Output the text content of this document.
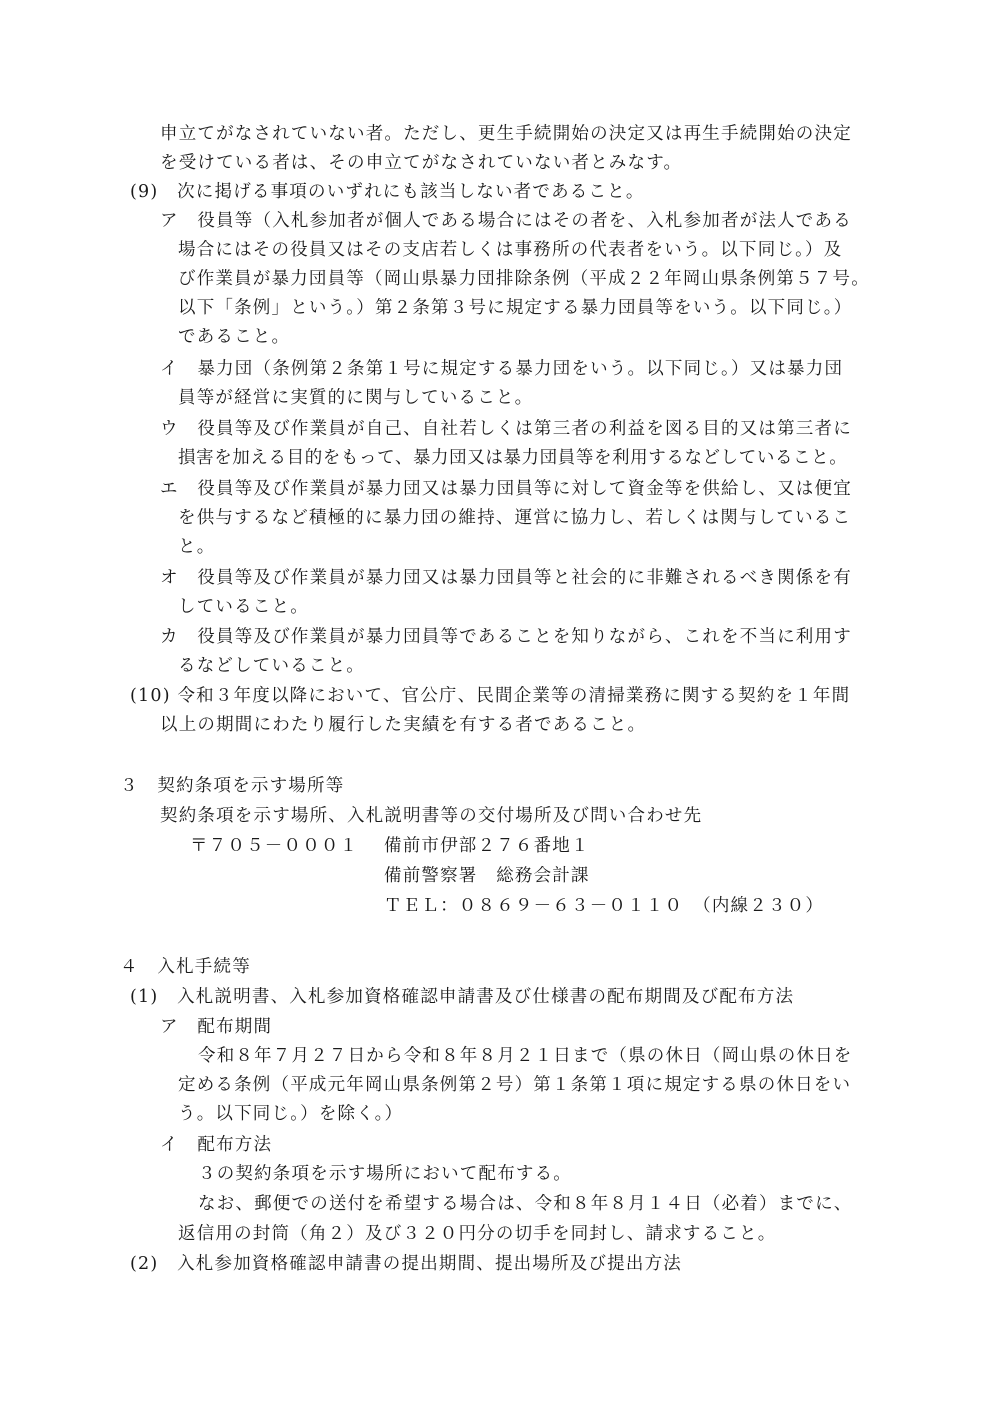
申立てがなされていない者。ただし、更生手続開始の決定又は再生手続開始の決定
を受けている者は、その申立てがなされていない者とみなす。
(9)　次に掲げる事項のいずれにも該当しない者であること。
ア　役員等（入札参加者が個人である場合にはその者を、入札参加者が法人である
場合にはその役員又はその支店若しくは事務所の代表者をいう。以下同じ。）及
び作業員が暴力団員等（岡山県暴力団排除条例（平成２２年岡山県条例第５７号。
以下「条例」という。）第２条第３号に規定する暴力団員等をいう。以下同じ。）
であること。
イ　暴力団（条例第２条第１号に規定する暴力団をいう。以下同じ。）又は暴力団
員等が経営に実質的に関与していること。
ウ　役員等及び作業員が自己、自社若しくは第三者の利益を図る目的又は第三者に
損害を加える目的をもって、暴力団又は暴力団員等を利用するなどしていること。
エ　役員等及び作業員が暴力団又は暴力団員等に対して資金等を供給し、又は便宜
を供与するなど積極的に暴力団の維持、運営に協力し、若しくは関与しているこ
と。
オ　役員等及び作業員が暴力団又は暴力団員等と社会的に非難されるべき関係を有
していること。
カ　役員等及び作業員が暴力団員等であることを知りながら、これを不当に利用す
るなどしていること。
(10) 令和３年度以降において、官公庁、民間企業等の清掃業務に関する契約を１年間
以上の期間にわたり履行した実績を有する者であること。
３　契約条項を示す場所等
契約条項を示す場所、入札説明書等の交付場所及び問い合わせ先
〒７０５－０００１ 備前市伊部２７６番地１
備前警察署　総務会計課
ＴＥＬ：０８６９－６３－０１１０　（内線２３０）
４　入札手続等
(1)　入札説明書、入札参加資格確認申請書及び仕様書の配布期間及び配布方法
ア　配布期間
令和８年７月２７日から令和８年８月２１日まで（県の休日（岡山県の休日を
定める条例（平成元年岡山県条例第２号）第１条第１項に規定する県の休日をい
う。以下同じ。）を除く。）
イ　配布方法
３の契約条項を示す場所において配布する。
なお、郵便での送付を希望する場合は、令和８年８月１４日（必着）までに、
返信用の封筒（角２）及び３２０円分の切手を同封し、請求すること。
(2)　入札参加資格確認申請書の提出期間、提出場所及び提出方法
